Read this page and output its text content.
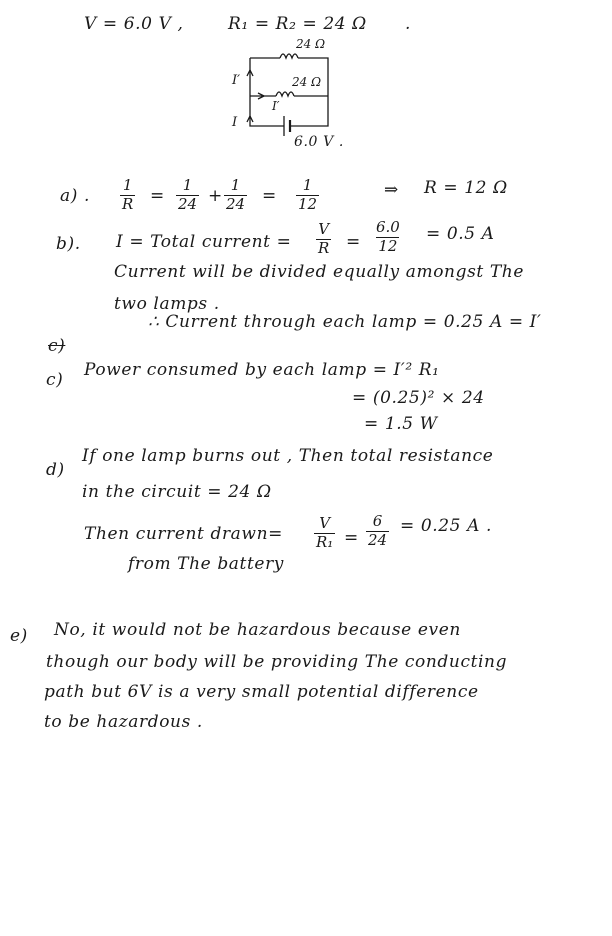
V = 6.0 V ,	R₁ = R₂ = 24 Ω .
24 Ω
24 Ω
I′
I′
I
6.0 V .
a) . $\frac{1}{R} = \frac{1}{24} + \frac{1}{24} = \frac{1}{12}$	⇒ R = 12 Ω
b). I = Total current = $\frac{V}{R} = \frac{6.0}{12} = 0.5$ A
Current will be divided equally amongst The
two lamps .
∴ Current through each lamp = 0.25 A = I′
c)
c) Power consumed by each lamp = I′² R₁
= (0.25)² × 24
= 1.5 W
d)
If one lamp burns out , Then total resistance
in the circuit = 24 Ω
Then current drawn= $\frac{V}{\text{R₁}} = \frac{6}{24} = 0.25$ A .
from The battery
e) No, it would not be hazardous because even
though our body will be providing The conducting
path but 6V is a very small potential difference
to be hazardous .
